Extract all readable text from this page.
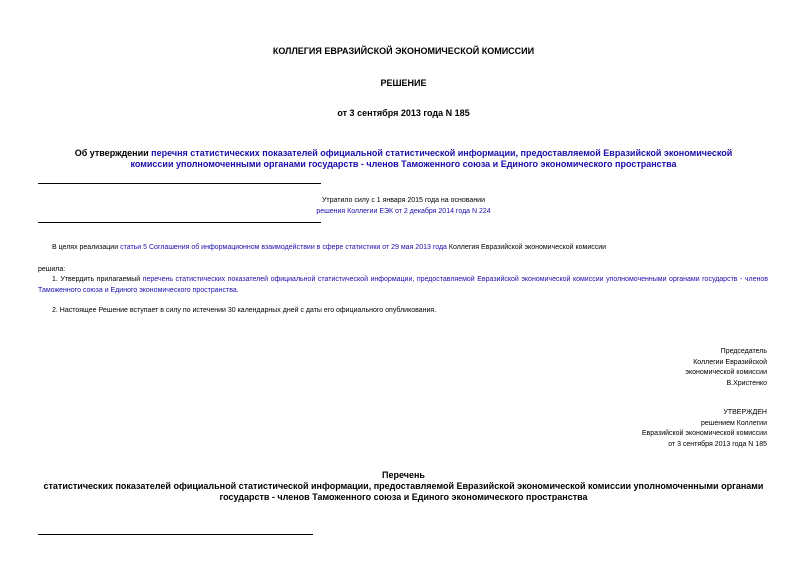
КОЛЛЕГИЯ ЕВРАЗИЙСКОЙ ЭКОНОМИЧЕСКОЙ КОМИССИИ
РЕШЕНИЕ
от 3 сентября 2013 года N 185
Об утверждении перечня статистических показателей официальной статистической информации, предоставляемой Евразийской экономической комиссии уполномоченными органами государств - членов Таможенного союза и Единого экономического пространства
Утратило силу с 1 января 2015 года на основании
решения Коллегии ЕЭК от 2 декабря 2014 года N 224
В целях реализации статьи 5 Соглашения об информационном взаимодействии в сфере статистики от 29 мая 2013 года Коллегия Евразийской экономической комиссии
решила:
1. Утвердить прилагаемый перечень статистических показателей официальной статистической информации, предоставляемой Евразийской экономической комиссии уполномоченными органами государств - членов Таможенного союза и Единого экономического пространства.
2. Настоящее Решение вступает в силу по истечении 30 календарных дней с даты его официального опубликования.
Председатель
Коллегии Евразийской
экономической комиссии
В.Христенко
УТВЕРЖДЕН
решением Коллегии
Евразийской экономической комиссии
от 3 сентября 2013 года N 185
Перечень
статистических показателей официальной статистической информации, предоставляемой Евразийской экономической комиссии уполномоченными органами государств - членов Таможенного союза и Единого экономического пространства
